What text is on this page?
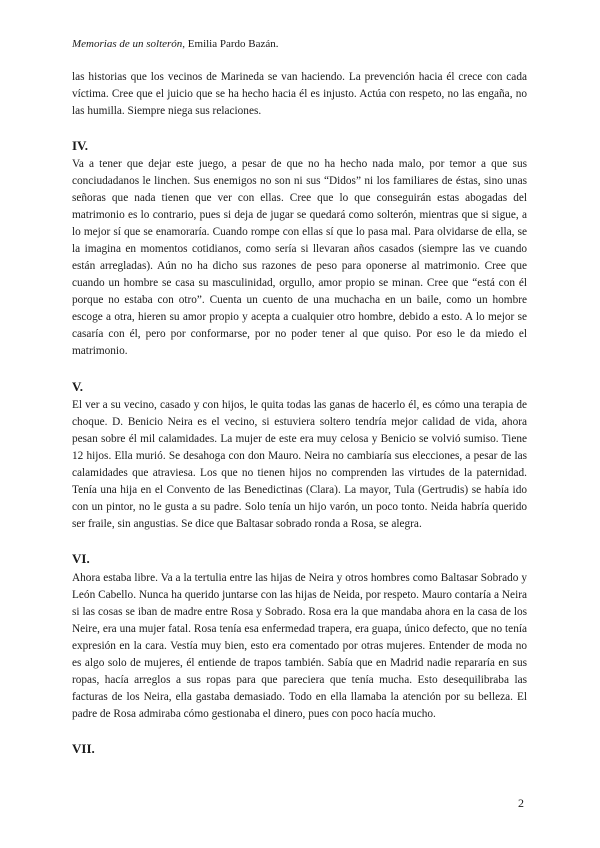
Memorias de un solterón, Emilia Pardo Bazán.

las historias que los vecinos de Marineda se van haciendo. La prevención hacia él crece con cada víctima. Cree que el juicio que se ha hecho hacia él es injusto. Actúa con respeto, no las engaña, no las humilla. Siempre niega sus relaciones.

IV.

Va a tener que dejar este juego, a pesar de que no ha hecho nada malo, por temor a que sus conciudadanos le linchen. Sus enemigos no son ni sus “Didos” ni los familiares de éstas, sino unas señoras que nada tienen que ver con ellas. Cree que lo que conseguirán estas abogadas del matrimonio es lo contrario, pues si deja de jugar se quedará como solterón, mientras que si sigue, a lo mejor sí que se enamoraría. Cuando rompe con ellas sí que lo pasa mal. Para olvidarse de ella, se la imagina en momentos cotidianos, como sería si llevaran años casados (siempre las ve cuando están arregladas). Aún no ha dicho sus razones de peso para oponerse al matrimonio. Cree que cuando un hombre se casa su masculinidad, orgullo, amor propio se minan. Cree que “está con él porque no estaba con otro”. Cuenta un cuento de una muchacha en un baile, como un hombre escoge a otra, hieren su amor propio y acepta a cualquier otro hombre, debido a esto. A lo mejor se casaría con él, pero por conformarse, por no poder tener al que quiso. Por eso le da miedo el matrimonio.

V.

El ver a su vecino, casado y con hijos, le quita todas las ganas de hacerlo él, es cómo una terapia de choque. D. Benicio Neira es el vecino, si estuviera soltero tendría mejor calidad de vida, ahora pesan sobre él mil calamidades. La mujer de este era muy celosa y Benicio se volvió sumiso. Tiene 12 hijos. Ella murió. Se desahoga con don Mauro. Neira no cambiaría sus elecciones, a pesar de las calamidades que atraviesa. Los que no tienen hijos no comprenden las virtudes de la paternidad. Tenía una hija en el Convento de las Benedictinas (Clara). La mayor, Tula (Gertrudis) se había ido con un pintor, no le gusta a su padre. Solo tenía un hijo varón, un poco tonto. Neida habría querido ser fraile, sin angustias. Se dice que Baltasar sobrado ronda a Rosa, se alegra.

VI.

Ahora estaba libre. Va a la tertulia entre las hijas de Neira y otros hombres como Baltasar Sobrado y León Cabello. Nunca ha querido juntarse con las hijas de Neida, por respeto. Mauro contaría a Neira si las cosas se iban de madre entre Rosa y Sobrado. Rosa era la que mandaba ahora en la casa de los Neire, era una mujer fatal. Rosa tenía esa enfermedad trapera, era guapa, único defecto, que no tenía expresión en la cara. Vestía muy bien, esto era comentado por otras mujeres. Entender de moda no es algo solo de mujeres, él entiende de trapos también. Sabía que en Madrid nadie repararía en sus ropas, hacía arreglos a sus ropas para que pareciera que tenía mucha. Esto desequilibraba las facturas de los Neira, ella gastaba demasiado. Todo en ella llamaba la atención por su belleza. El padre de Rosa admiraba cómo gestionaba el dinero, pues con poco hacía mucho.

VII.
2
